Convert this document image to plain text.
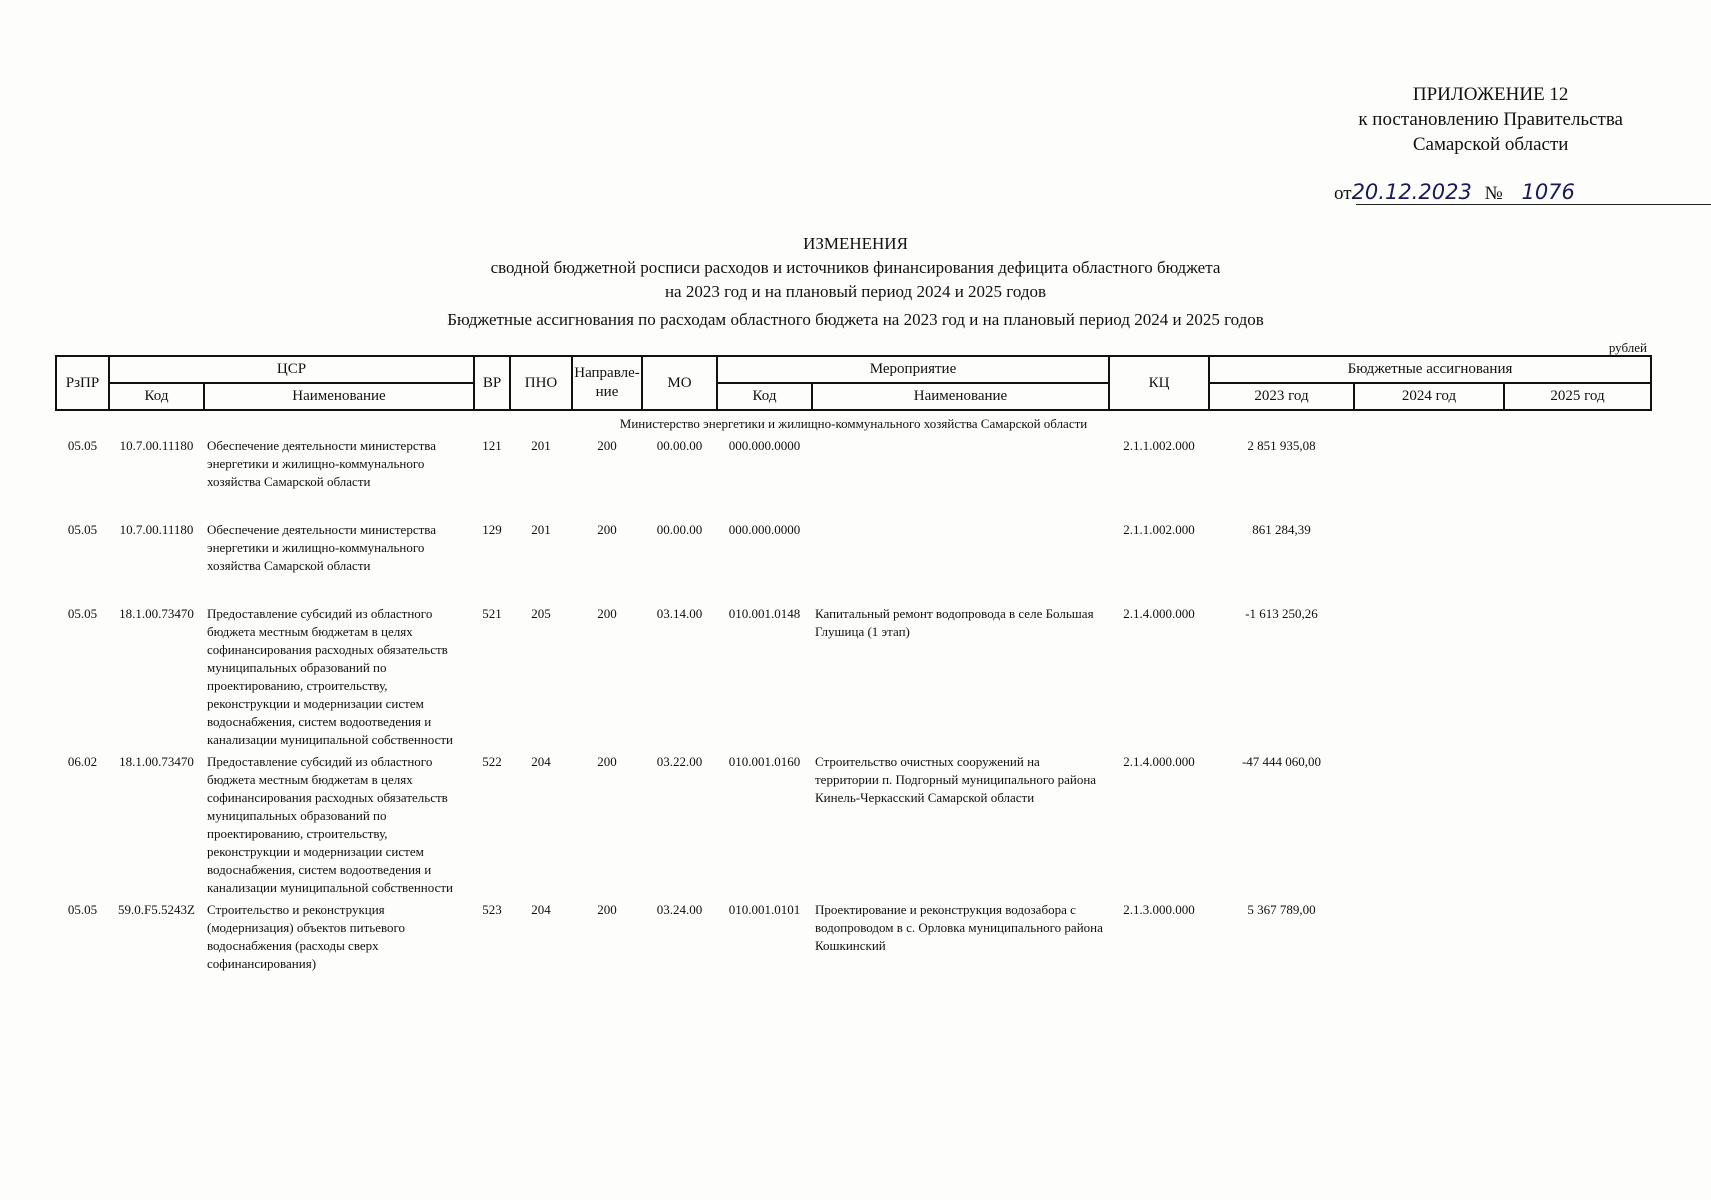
ПРИЛОЖЕНИЕ 12
к постановлению Правительства
Самарской области
от20.12.2023 № 1076
ИЗМЕНЕНИЯ
сводной бюджетной росписи расходов и источников финансирования дефицита областного бюджета
на 2023 год и на плановый период 2024 и 2025 годов
Бюджетные ассигнования по расходам областного бюджета на 2023 год и на плановый период 2024 и 2025 годов
рублей
РзПР	ЦСР		ВР	ПНО	Направле-ние	МО	Мероприятие		КЦ	Бюджетные ассигнования		
	Код	Наименование					Код	Наименование		2023 год	2024 год	2025 год
Министерство энергетики и жилищно-коммунального хозяйства Самарской области												
05.05	10.7.00.11180	Обеспечение деятельности министерства энергетики и жилищно-коммунального хозяйства Самарской области	121	201	200	00.00.00	000.000.0000		2.1.1.002.000	2 851 935,08		

05.05	10.7.00.11180	Обеспечение деятельности министерства энергетики и жилищно-коммунального хозяйства Самарской области	129	201	200	00.00.00	000.000.0000		2.1.1.002.000	861 284,39		

05.05	18.1.00.73470	Предоставление субсидий из областного бюджета местным бюджетам в целях софинансирования расходных обязательств муниципальных образований по проектированию, строительству, реконструкции и модернизации систем водоснабжения, систем водоотведения и канализации муниципальной собственности	521	205	200	03.14.00	010.001.0148	Капитальный ремонт водопровода в селе Большая Глушица (1 этап)	2.1.4.000.000	-1 613 250,26		
06.02	18.1.00.73470	Предоставление субсидий из областного бюджета местным бюджетам в целях софинансирования расходных обязательств муниципальных образований по проектированию, строительству, реконструкции и модернизации систем водоснабжения, систем водоотведения и канализации муниципальной собственности	522	204	200	03.22.00	010.001.0160	Строительство очистных сооружений на территории п. Подгорный муниципального района Кинель-Черкасский Самарской области	2.1.4.000.000	-47 444 060,00		
05.05	59.0.F5.5243Z	Строительство и реконструкция (модернизация) объектов питьевого водоснабжения (расходы сверх софинансирования)	523	204	200	03.24.00	010.001.0101	Проектирование и реконструкция водозабора с водопроводом в с. Орловка муниципального района Кошкинский	2.1.3.000.000	5 367 789,00		
